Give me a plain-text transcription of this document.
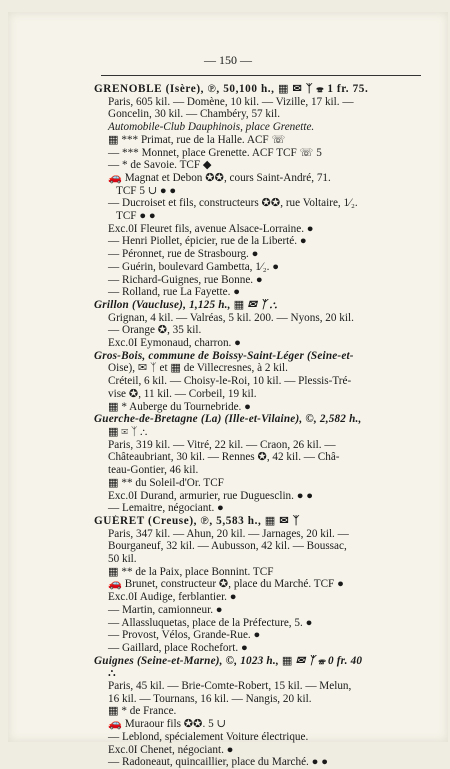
— 150 —
GRENOBLE (Isère), ℗, 50,100 h., ▦ ✉ ᛉ ☏ 1 fr. 75.
Paris, 605 kil. — Domène, 10 kil. — Vizille, 17 kil. —
Goncelin, 30 kil. — Chambéry, 57 kil.
Automobile-Club Dauphinois, place Grenette.
▦ *** Primat, rue de la Halle. ACF ☏
— *** Monnet, place Grenette. ACF TCF ☏ 5
— * de Savoie. TCF ◆
🚗 Magnat et Debon ✪✪, cours Saint-André, 71.
TCF 5 ∪ ● ●
— Ducroiset et fils, constructeurs ✪✪, rue Voltaire, 1⁄₂.
TCF ● ●
Exc.0I Fleuret fils, avenue Alsace-Lorraine. ●
— Henri Piollet, épicier, rue de la Liberté. ●
— Péronnet, rue de Strasbourg. ●
— Guérin, boulevard Gambetta, 1⁄₂. ●
— Richard-Guignes, rue Bonne. ●
— Rolland, rue La Fayette. ●
Grillon (Vaucluse), 1,125 h., ▦ ✉ ᛉ ⛬
Grignan, 4 kil. — Valréas, 5 kil. 200. — Nyons, 20 kil.
— Orange ✪, 35 kil.
Exc.0I Eymonaud, charron. ●
Gros-Bois, commune de Boissy-Saint-Léger (Seine-et-
Oise), ✉ ᛉ et ▦ de Villecresnes, à 2 kil.
Créteil, 6 kil. — Choisy-le-Roi, 10 kil. — Plessis-Tré-
vise ✪, 11 kil. — Corbeil, 19 kil.
▦ * Auberge du Tournebride. ●
Guerche-de-Bretagne (La) (Ille-et-Vilaine), ©, 2,582 h.,
▦ ✉ ᛉ ⛬
Paris, 319 kil. — Vitré, 22 kil. — Craon, 26 kil. —
Châteaubriant, 30 kil. — Rennes ✪, 42 kil. — Châ-
teau-Gontier, 46 kil.
▦ ** du Soleil-d'Or. TCF
Exc.0I Durand, armurier, rue Duguesclin. ● ●
— Lemaitre, négociant. ●
GUÉRET (Creuse), ℗, 5,583 h., ▦ ✉ ᛉ
Paris, 347 kil. — Ahun, 20 kil. — Jarnages, 20 kil. —
Bourganeuf, 32 kil. — Aubusson, 42 kil. — Boussac,
50 kil.
▦ ** de la Paix, place Bonnint. TCF
🚗 Brunet, constructeur ✪, place du Marché. TCF ●
Exc.0I Audige, ferblantier. ●
— Martin, camionneur. ●
— Allassluquetas, place de la Préfecture, 5. ●
— Provost, Vélos, Grande-Rue. ●
— Gaillard, place Rochefort. ●
Guignes (Seine-et-Marne), ©, 1023 h., ▦ ✉ ᛉ ☏ 0 fr. 40
⛬
Paris, 45 kil. — Brie-Comte-Robert, 15 kil. — Melun,
16 kil. — Tournans, 16 kil. — Nangis, 20 kil.
▦ * de France.
🚗 Muraour fils ✪✪. 5 ∪
— Leblond, spécialement Voiture électrique.
Exc.0I Chenet, négociant. ●
— Radoneaut, quincaillier, place du Marché. ● ●
